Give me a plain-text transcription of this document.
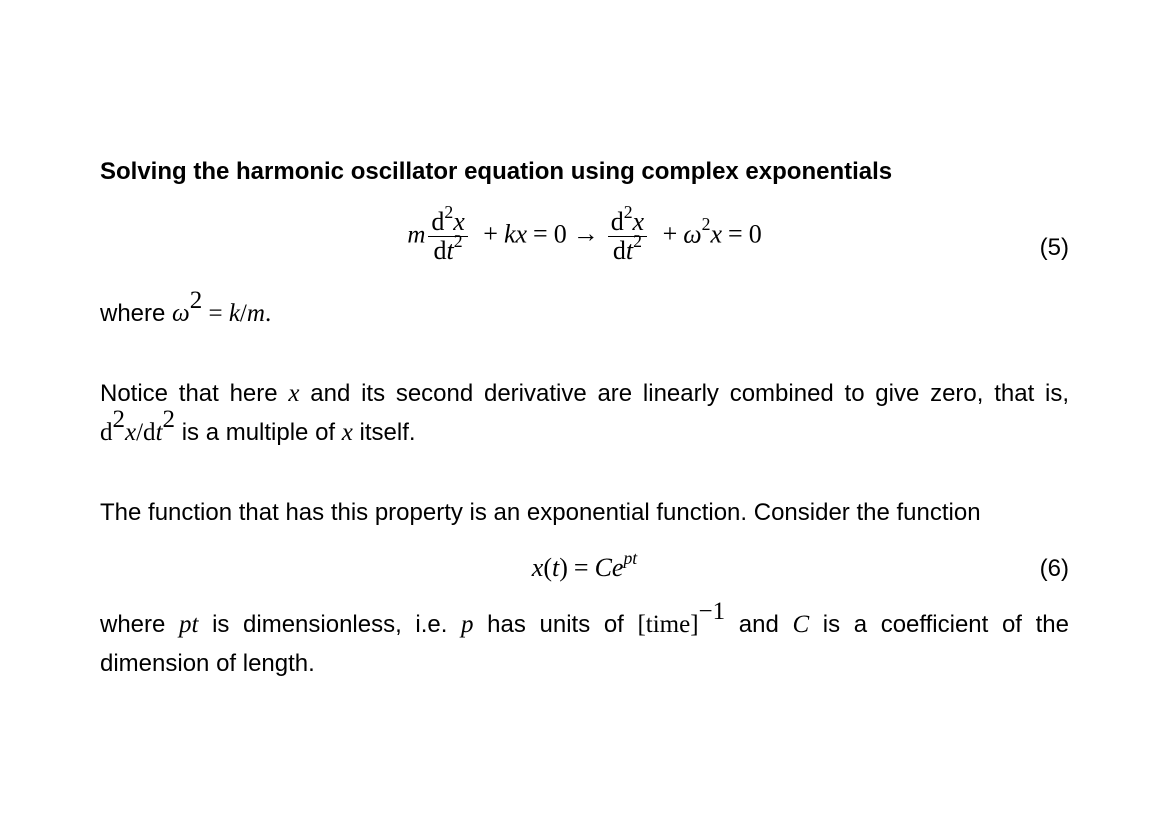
Solving the harmonic oscillator equation using complex exponentials
m $\frac{d^2x}{dt^2}$ + kx = $0 \to \frac{d^2x}{dt^2} + \omega^2x = 0$	(5)
where $\omega^2 = k/m$.
Notice that here x and its second derivative are linearly combined to give zero, that is, $d^2x/dt^2$ is a multiple of x itself.
The function that has this property is an exponential function. Consider the function
$x(t) = Ce^{pt}$	(6)
where pt is dimensionless, i.e. p has units of [time]$^{-1}$ and C is a coefficient of the dimension of length.
